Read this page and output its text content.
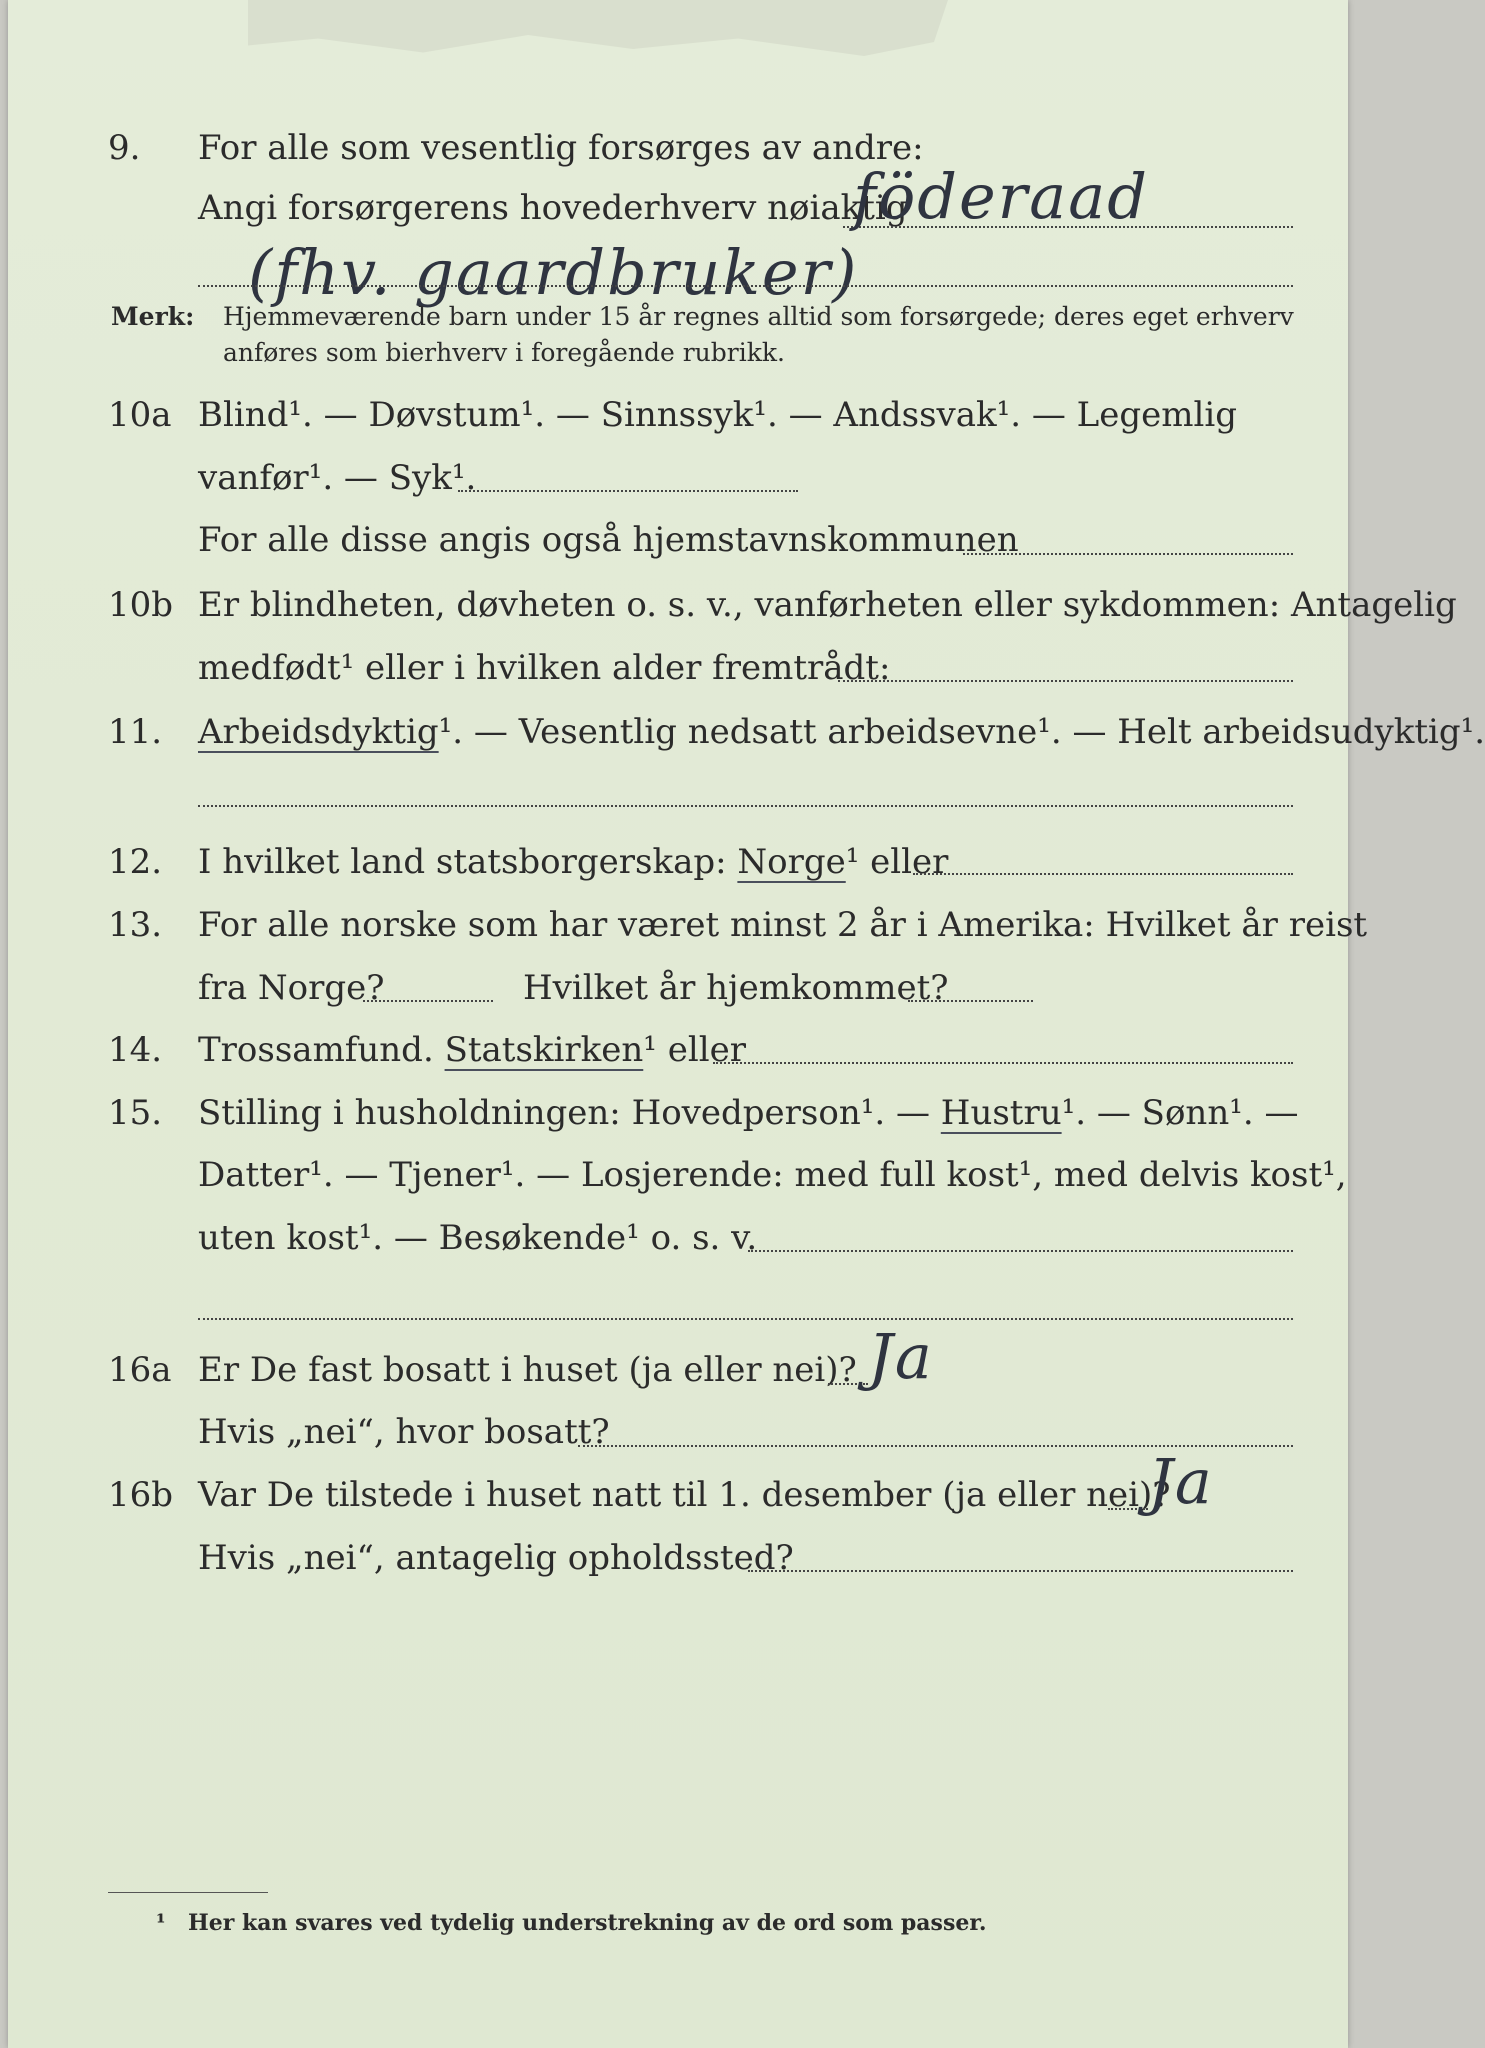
9. For alle som vesentlig forsørges av andre:
Angi forsørgerens hovederhverv nøiaktig
föderaad
(fhv. gaardbruker)
Merk: Hjemmeværende barn under 15 år regnes alltid som forsørgede; deres eget erhverv
anføres som bierhverv i foregående rubrikk.
10a Blind¹. — Døvstum¹. — Sinnssyk¹. — Andssvak¹. — Legemlig
vanfør¹. — Syk¹.
For alle disse angis også hjemstavnskommunen
10b Er blindheten, døvheten o. s. v., vanførheten eller sykdommen: Antagelig
medfødt¹ eller i hvilken alder fremtrådt:
11. Arbeidsdyktig¹. — Vesentlig nedsatt arbeidsevne¹. — Helt arbeidsudyktig¹.
12. I hvilket land statsborgerskap: Norge¹ eller
13. For alle norske som har været minst 2 år i Amerika: Hvilket år reist
fra Norge?	Hvilket år hjemkommet?
14. Trossamfund. Statskirken¹ eller
15. Stilling i husholdningen: Hovedperson¹. — Hustru¹. — Sønn¹. —
Datter¹. — Tjener¹. — Losjerende: med full kost¹, med delvis kost¹,
uten kost¹. — Besøkende¹ o. s. v.
16a Er De fast bosatt i huset (ja eller nei)? Ja
Hvis „nei“, hvor bosatt?
16b Var De tilstede i huset natt til 1. desember (ja eller nei)?
Ja
Hvis „nei“, antagelig opholdssted?
¹ Her kan svares ved tydelig understrekning av de ord som passer.
